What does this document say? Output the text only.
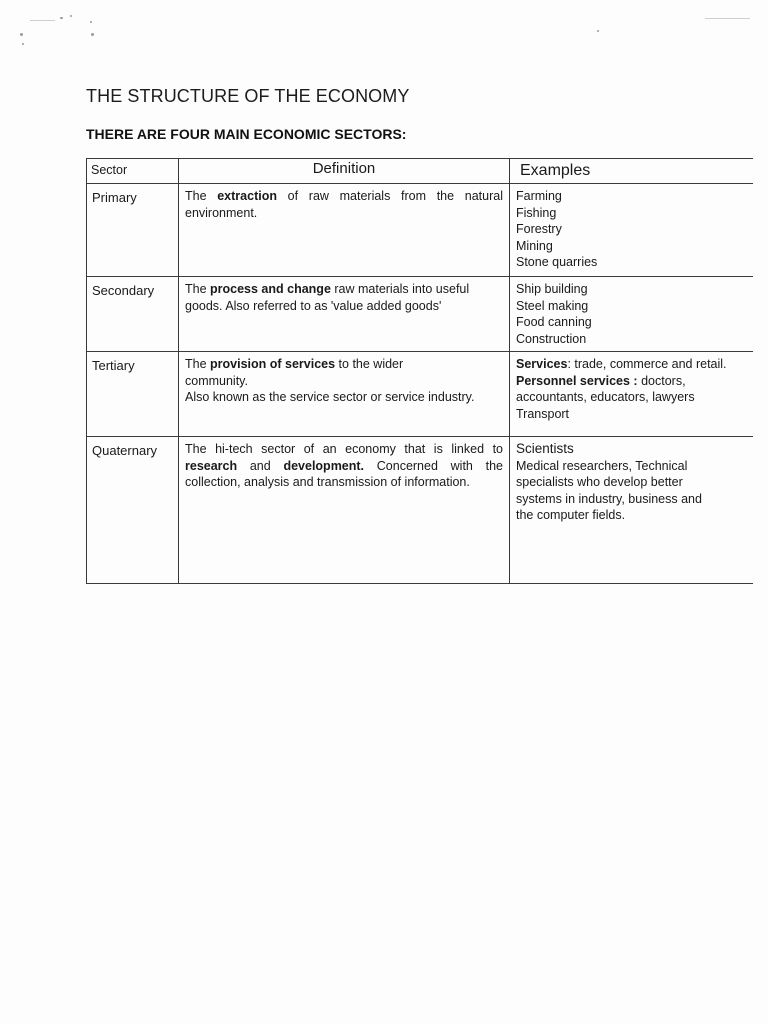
THE STRUCTURE OF THE ECONOMY
THERE ARE FOUR MAIN ECONOMIC SECTORS:
Sector	Definition	Examples

Primary	The extraction of raw materials from the natural environment.	Farming
Fishing
Forestry
Mining
Stone quarries

Secondary	The process and change raw materials into useful goods. Also referred to as 'value added goods'	Ship building
Steel making
Food canning
Construction

Tertiary	The provision of services to the wider community.
Also known as the service sector or service industry.	Services: trade, commerce and retail.
Personnel services : doctors, accountants, educators, lawyers
Transport

Quaternary	The hi-tech sector of an economy that is linked to research and development. Concerned with the collection, analysis and transmission of information.	Scientists
Medical researchers, Technical specialists who develop better systems in industry, business and the computer fields.
